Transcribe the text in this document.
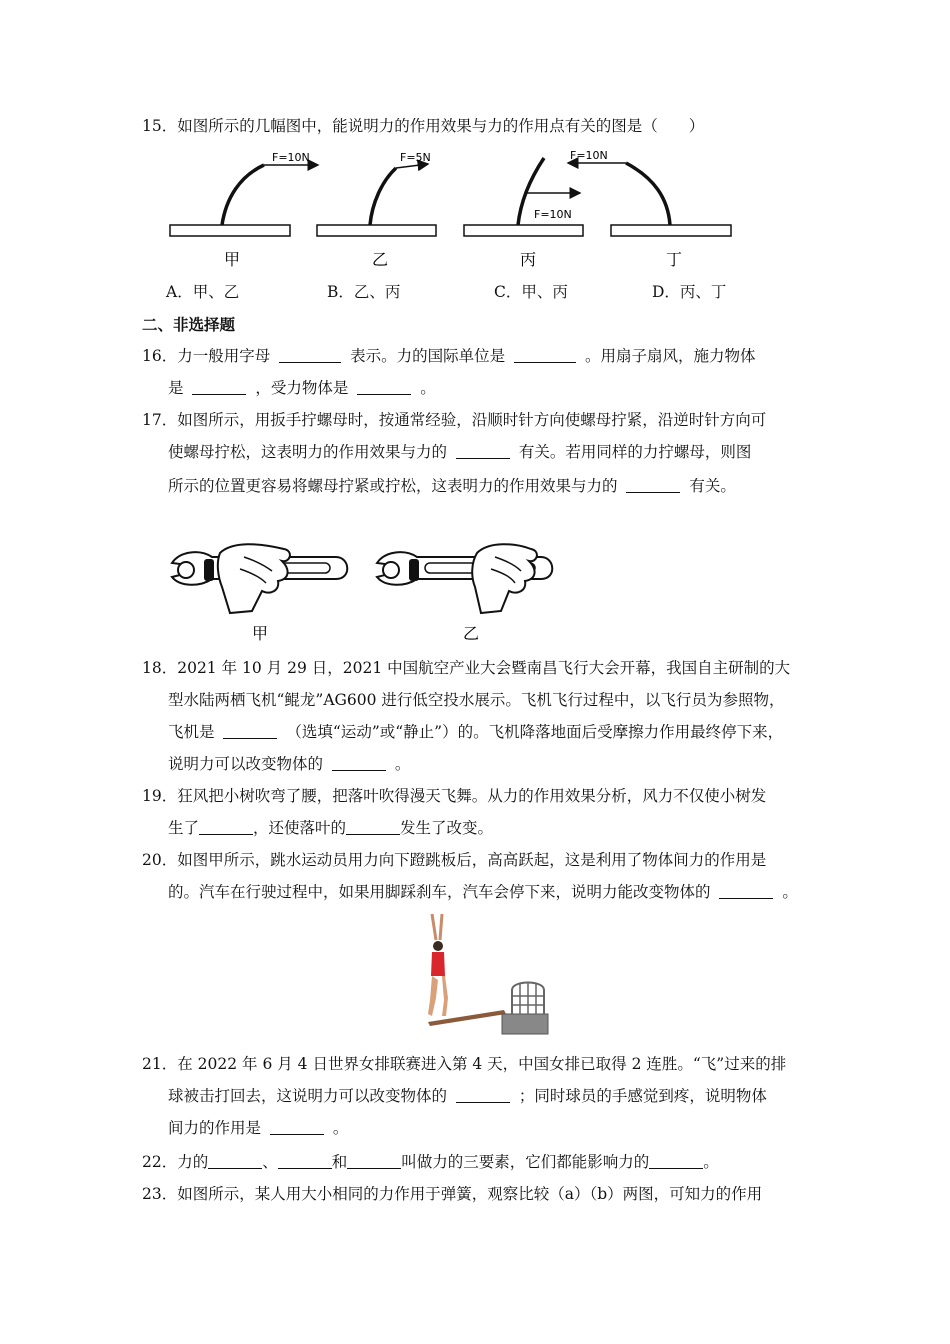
15．如图所示的几幅图中，能说明力的作用效果与力的作用点有关的图是（　　）
F=10N
甲
F=5N
乙
F=10N
丙
F=10N
丁
A．甲、乙	B．乙、丙	C．甲、丙	D．丙、丁
二、非选择题
16．力一般用字母	表示。力的国际单位是	。用扇子扇风，施力物体
是	，受力物体是	。
17．如图所示，用扳手拧螺母时，按通常经验，沿顺时针方向使螺母拧紧，沿逆时针方向可
使螺母拧松，这表明力的作用效果与力的	有关。若用同样的力拧螺母，则图
所示的位置更容易将螺母拧紧或拧松，这表明力的作用效果与力的	有关。
甲	乙
18．2021 年 10 月 29 日，2021 中国航空产业大会暨南昌飞行大会开幕，我国自主研制的大
型水陆两栖飞机“鲲龙”AG600 进行低空投水展示。飞机飞行过程中，以飞行员为参照物，
飞机是	（选填“运动”或“静止”）的。飞机降落地面后受摩擦力作用最终停下来，
说明力可以改变物体的	。
19．狂风把小树吹弯了腰，把落叶吹得漫天飞舞。从力的作用效果分析，风力不仅使小树发
生了	，还使落叶的	发生了改变。
20．如图甲所示，跳水运动员用力向下蹬跳板后，高高跃起，这是利用了物体间力的作用是
的。汽车在行驶过程中，如果用脚踩刹车，汽车会停下来，说明力能改变物体的	。
21．在 2022 年 6 月 4 日世界女排联赛进入第 4 天，中国女排已取得 2 连胜。“飞”过来的排
球被击打回去，这说明力可以改变物体的	；同时球员的手感觉到疼，说明物体
间力的作用是	。
22．力的	、	和	叫做力的三要素，它们都能影响力的	。
23．如图所示，某人用大小相同的力作用于弹簧，观察比较（a）（b）两图，可知力的作用
